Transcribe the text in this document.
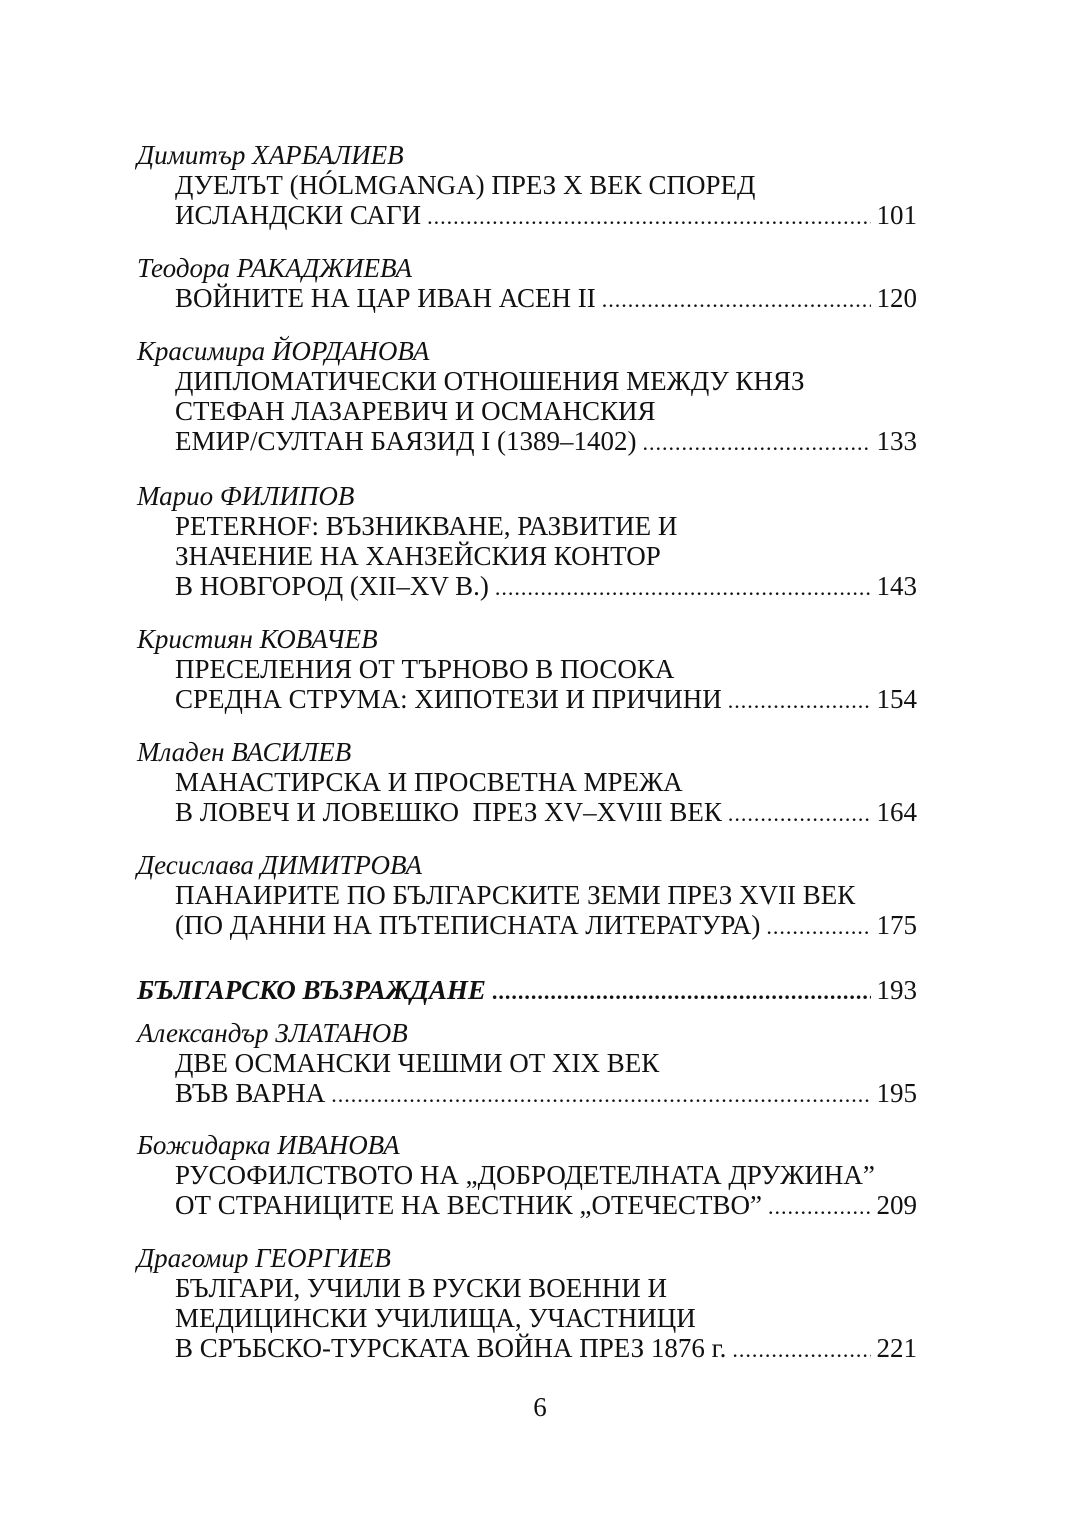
Димитър ХАРБАЛИЕВ
ДУЕЛЪТ (HÓLMGANGA) ПРЕЗ Х ВЕК СПОРЕД
ИСЛАНДСКИ САГИ .....	101
Теодора РАКАДЖИЕВА
ВОЙНИТЕ НА ЦАР ИВАН АСЕН II .....	120
Красимира ЙОРДАНОВА
ДИПЛОМАТИЧЕСКИ ОТНОШЕНИЯ МЕЖДУ КНЯЗ
СТЕФАН ЛАЗАРЕВИЧ И ОСМАНСКИЯ
ЕМИР/СУЛТАН БАЯЗИД I (1389–1402) .....	133
Марио ФИЛИПОВ
PETERHOF: ВЪЗНИКВАНЕ, РАЗВИТИЕ И
ЗНАЧЕНИЕ НА ХАНЗЕЙСКИЯ КОНТОР
В НОВГОРОД (XII–XV В.) .....	143
Кристиян КОВАЧЕВ
ПРЕСЕЛЕНИЯ ОТ ТЪРНОВО В ПОСОКА
СРЕДНА СТРУМА: ХИПОТЕЗИ И ПРИЧИНИ .....	154
Младен ВАСИЛЕВ
МАНАСТИРСКА И ПРОСВЕТНА МРЕЖА
В ЛОВЕЧ И ЛОВЕШКО  ПРЕЗ XV–XVIII ВЕК .....	164
Десислава ДИМИТРОВА
ПАНАИРИТЕ ПО БЪЛГАРСКИТЕ ЗЕМИ ПРЕЗ XVII ВЕК
(ПО ДАННИ НА ПЪТЕПИСНАТА ЛИТЕРАТУРА) .....	175
БЪЛГАРСКО ВЪЗРАЖДАНЕ .....	193
Александър ЗЛАТАНОВ
ДВЕ ОСМАНСКИ ЧЕШМИ ОТ XIX ВЕК
ВЪВ ВАРНА .....	195
Божидарка ИВАНОВА
РУСОФИЛСТВОТО НА „ДОБРОДЕТЕЛНАТА ДРУЖИНА”
ОТ СТРАНИЦИТЕ НА ВЕСТНИК „ОТЕЧЕСТВО” .....	209
Драгомир ГЕОРГИЕВ
БЪЛГАРИ, УЧИЛИ В РУСКИ ВОЕННИ И
МЕДИЦИНСКИ УЧИЛИЩА, УЧАСТНИЦИ
В СРЪБСКО-ТУРСКАТА ВОЙНА ПРЕЗ 1876 г. .....	221
6
